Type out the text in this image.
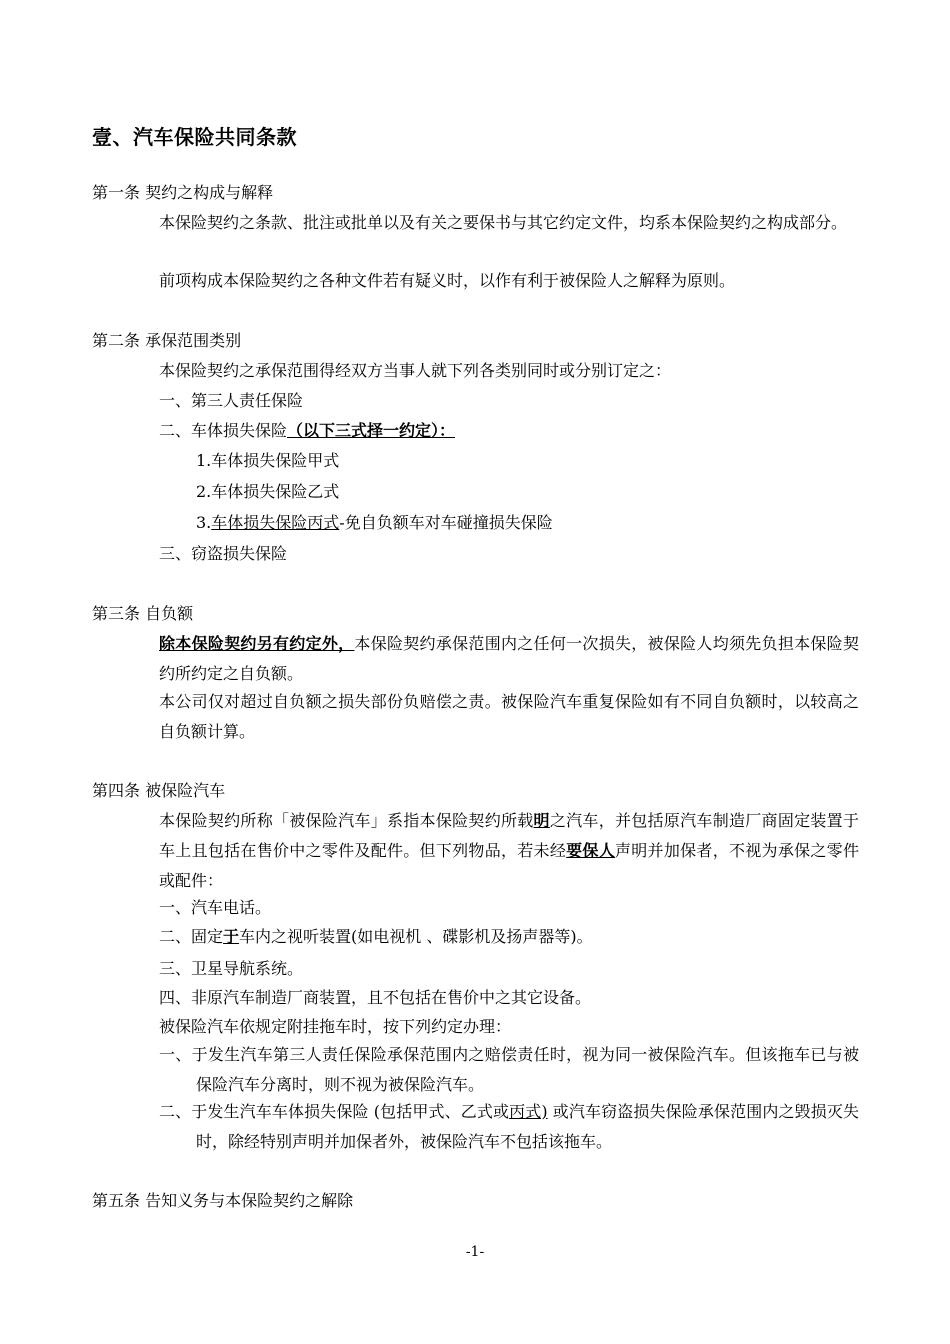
壹、汽车保险共同条款
第一条 契约之构成与解释
本保险契约之条款、批注或批单以及有关之要保书与其它约定文件，均系本保险契约之构成部分。
前项构成本保险契约之各种文件若有疑义时，以作有利于被保险人之解释为原则。
第二条 承保范围类别
本保险契约之承保范围得经双方当事人就下列各类别同时或分别订定之：
一、第三人责任保险
二、车体损失保险（以下三式择一约定）：
1.车体损失保险甲式
2.车体损失保险乙式
3.车体损失保险丙式-免自负额车对车碰撞损失保险
三、窃盗损失保险
第三条 自负额
除本保险契约另有约定外，本保险契约承保范围内之任何一次损失，被保险人均须先负担本保险契约所约定之自负额。
本公司仅对超过自负额之损失部份负赔偿之责。被保险汽车重复保险如有不同自负额时，以较高之自负额计算。
第四条 被保险汽车
本保险契约所称「被保险汽车」系指本保险契约所载明之汽车，并包括原汽车制造厂商固定装置于车上且包括在售价中之零件及配件。但下列物品，若未经要保人声明并加保者，不视为承保之零件或配件：
一、汽车电话。
二、固定于车内之视听装置(如电视机 、碟影机及扬声器等)。
三、卫星导航系统。
四、非原汽车制造厂商装置，且不包括在售价中之其它设备。
被保险汽车依规定附挂拖车时，按下列约定办理：
一、于发生汽车第三人责任保险承保范围内之赔偿责任时，视为同一被保险汽车。但该拖车已与被保险汽车分离时，则不视为被保险汽车。
二、于发生汽车车体损失保险 (包括甲式、乙式或丙式) 或汽车窃盗损失保险承保范围内之毁损灭失时，除经特别声明并加保者外，被保险汽车不包括该拖车。
第五条 告知义务与本保险契约之解除
-1-
